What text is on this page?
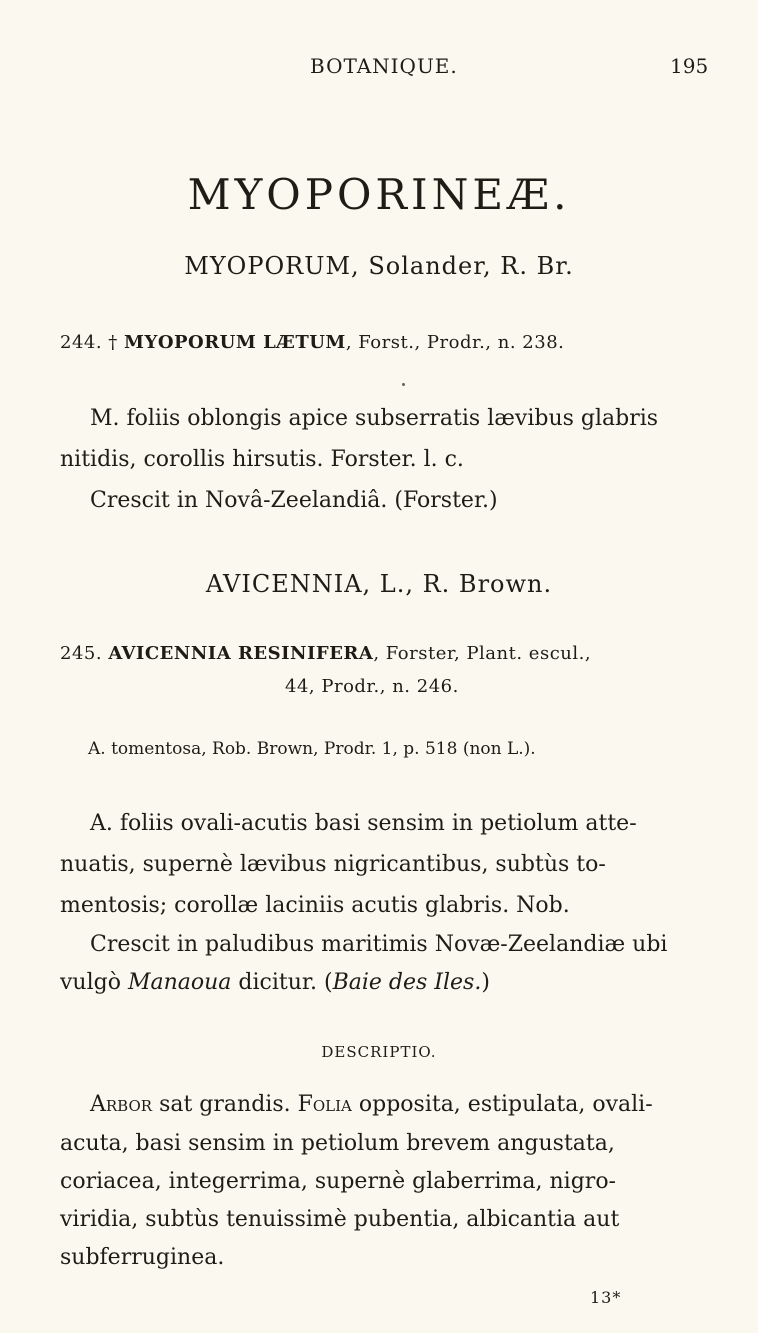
BOTANIQUE.	195
MYOPORINEÆ.
MYOPORUM, Solander, R. Br.
244. † MYOPORUM LÆTUM, Forst., Prodr., n. 238.
M. foliis oblongis apice subserratis lævibus glabris
nitidis, corollis hirsutis. Forster. l. c.
Crescit in Novâ-Zeelandiâ. (Forster.)
AVICENNIA, L., R. Brown.
245. AVICENNIA RESINIFERA, Forster, Plant. escul.,
44, Prodr., n. 246.
A. tomentosa, Rob. Brown, Prodr. 1, p. 518 (non L.).
A. foliis ovali-acutis basi sensim in petiolum atte-
nuatis, supernè lævibus nigricantibus, subtùs to-
mentosis; corollæ laciniis acutis glabris. Nob.
Crescit in paludibus maritimis Novæ-Zeelandiæ ubi
vulgò Manaoua dicitur. (Baie des Iles.)
DESCRIPTIO.
Arbor sat grandis. Folia opposita, estipulata, ovali-
acuta, basi sensim in petiolum brevem angustata,
coriacea, integerrima, supernè glaberrima, nigro-
viridia, subtùs tenuissimè pubentia, albicantia aut
subferruginea.
13*
